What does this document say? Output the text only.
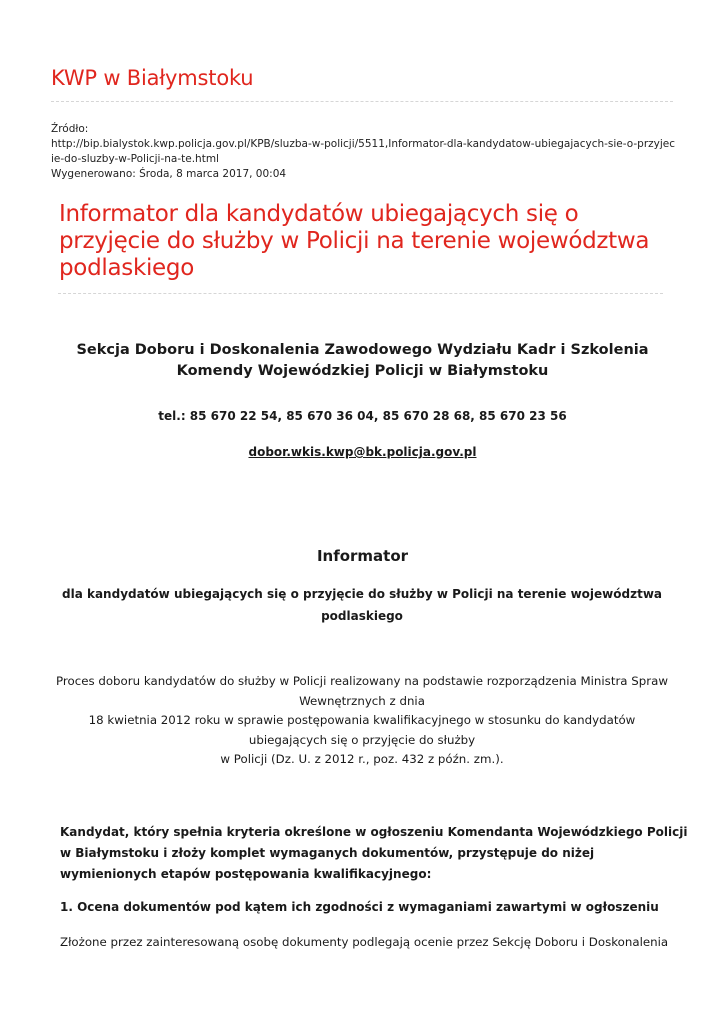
KWP w Białymstoku
Źródło:
http://bip.bialystok.kwp.policja.gov.pl/KPB/sluzba-w-policji/5511,Informator-dla-kandydatow-ubiegajacych-sie-o-przyjec
ie-do-sluzby-w-Policji-na-te.html
Wygenerowano: Środa, 8 marca 2017, 00:04
Informator dla kandydatów ubiegających się o przyjęcie do służby w Policji na terenie województwa podlaskiego
Sekcja Doboru i Doskonalenia Zawodowego Wydziału Kadr i Szkolenia
Komendy Wojewódzkiej Policji w Białymstoku
tel.: 85 670 22 54, 85 670 36 04, 85 670 28 68, 85 670 23 56
dobor.wkis.kwp@bk.policja.gov.pl
Informator
dla kandydatów ubiegających się o przyjęcie do służby w Policji na terenie województwa podlaskiego
Proces doboru kandydatów do służby w Policji realizowany na podstawie rozporządzenia Ministra Spraw
Wewnętrznych z dnia
18 kwietnia 2012 roku w sprawie postępowania kwalifikacyjnego w stosunku do kandydatów
ubiegających się o przyjęcie do służby
w Policji (Dz. U. z 2012 r., poz. 432 z późn. zm.).
Kandydat, który spełnia kryteria określone w ogłoszeniu Komendanta Wojewódzkiego Policji
w Białymstoku i złoży komplet wymaganych dokumentów, przystępuje do niżej
wymienionych etapów postępowania kwalifikacyjnego:
1. Ocena dokumentów pod kątem ich zgodności z wymaganiami zawartymi w ogłoszeniu
Złożone przez zainteresowaną osobę dokumenty podlegają ocenie przez Sekcję Doboru i Doskonalenia
